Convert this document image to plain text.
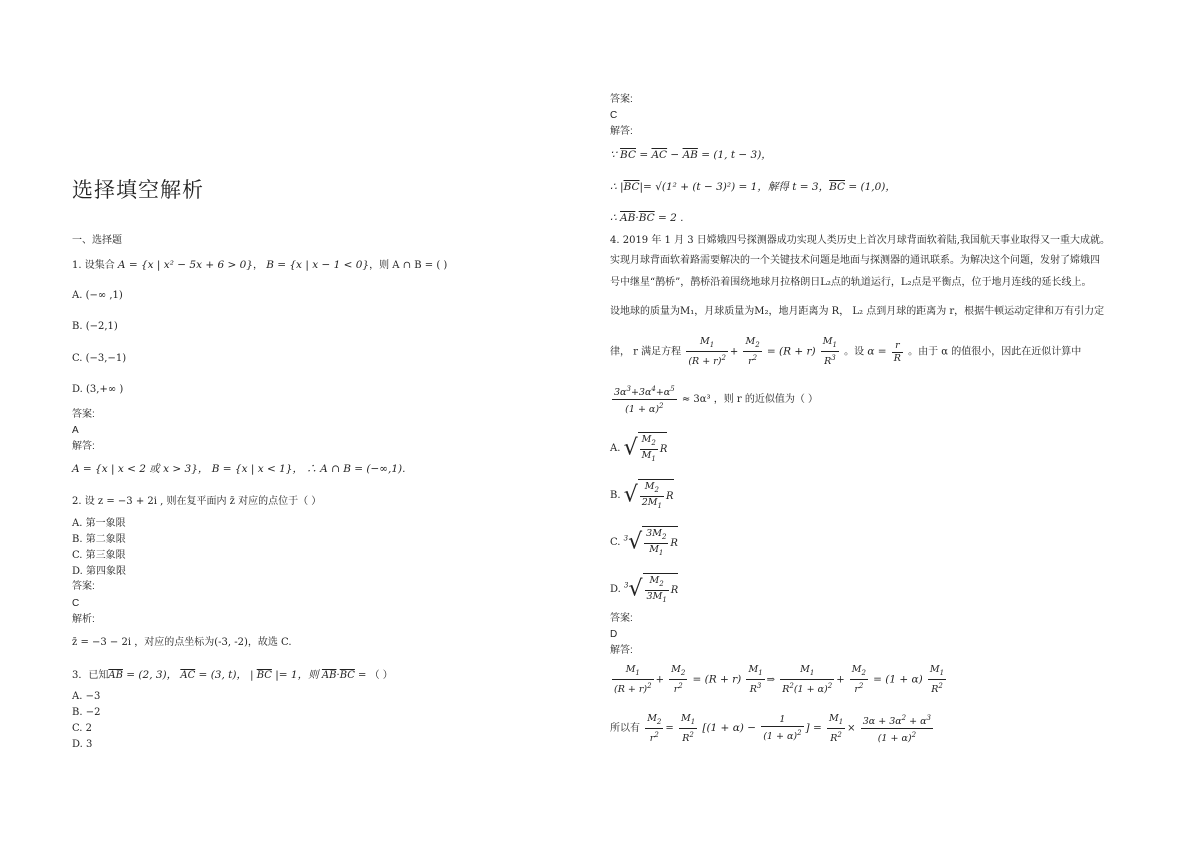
选择填空解析
一、选择题
1. 设集合 A = {x | x² − 5x + 6 > 0}， B = {x | x − 1 < 0}，则 A ∩ B = ( )
A. (−∞ ,1)
B. (−2,1)
C. (−3,−1)
D. (3,+∞ )
答案:
A
解答:
A = {x | x < 2 或 x > 3}， B = {x | x < 1}， ∴ A ∩ B = (−∞,1).
2. 设 z = −3 + 2i , 则在复平面内 z̄ 对应的点位于（ ）
A. 第一象限
B. 第二象限
C. 第三象限
D. 第四象限
答案:
C
解析:
z̄ = −3 − 2i ，对应的点坐标为(-3, -2)，故选 C.
3．已知$\overline{AB} = (2$, 3)， $\overline{AC} = (3$, t)， | $\overline{BC}$ |= 1，则 $\overline{AB}\cdot\overline{BC}$ = （ ）
A. −3
B. −2
C. 2
D. 3
答案:
C
解答:
∵ $\overline{BC} = \overline{AC} - \overline{AB} = (1$, t − 3)，
∴ $|\overline{BC}|= √(1^2 + (t - 3)^2) = 1$，解得 t = 3，$\overline{BC} = (1,0)$，
∴ $\overline{AB}\cdot\overline{BC} = 2$ .
4. 2019 年 1 月 3 日嫦娥四号探测器成功实现人类历史上首次月球背面软着陆,我国航天事业取得又一重大成就。
实现月球背面软着路需要解决的一个关键技术问题是地面与探测器的通讯联系。为解决这个问题，发射了嫦娥四
号中继星“鹊桥”，鹊桥沿着围绕地球月拉格朗日L₂点的轨道运行，L₂点是平衡点，位于地月连线的延长线上。
设地球的质量为M₁，月球质量为M₂，地月距离为 R， L₂ 点到月球的距离为 r，根据牛顿运动定律和万有引力定
律， r 满足方程 $\frac{M_1}{(R + r)^2} + \frac{M_2}{r^2} = (R + r) \frac{M_1}{R^3}$ 。设 $\alpha = \frac{r}{R}$ 。由于 α 的值很小，因此在近似计算中
$\frac{3\alpha^3+3\alpha^4+\alpha^5}{(1 + \alpha)^2} \approx 3\alpha^3$ ，则 r 的近似值为（ ）
A. √ $\frac{M_2}{M_1}$ R
B. √ $\frac{M_2}{2M_1}$ R
C. $^3√ \frac{3M_2}{M_1}$ R
D. $^3√ \frac{M_2}{3M_1}$ R
答案:
D
解答:
$\frac{M_1}{(R + r)^2} + \frac{M_2}{r^2} = (R + r) \frac{M_1}{R^3}$ ⇒ $\frac{M_1}{R^2(1 + \alpha)^2} + \frac{M_2}{r^2} = (1 + \alpha) \frac{M_1}{R^2}$
所以有 $\frac{M_2}{r^2} = \frac{M_1}{R^2} [(1 + \alpha) - \frac{1}{(1 + \alpha)^2}$ ] = $\frac{M_1}{R^2} \times \frac{3\alpha + 3\alpha^2 + \alpha^3}{(1 + \alpha)^2}$
